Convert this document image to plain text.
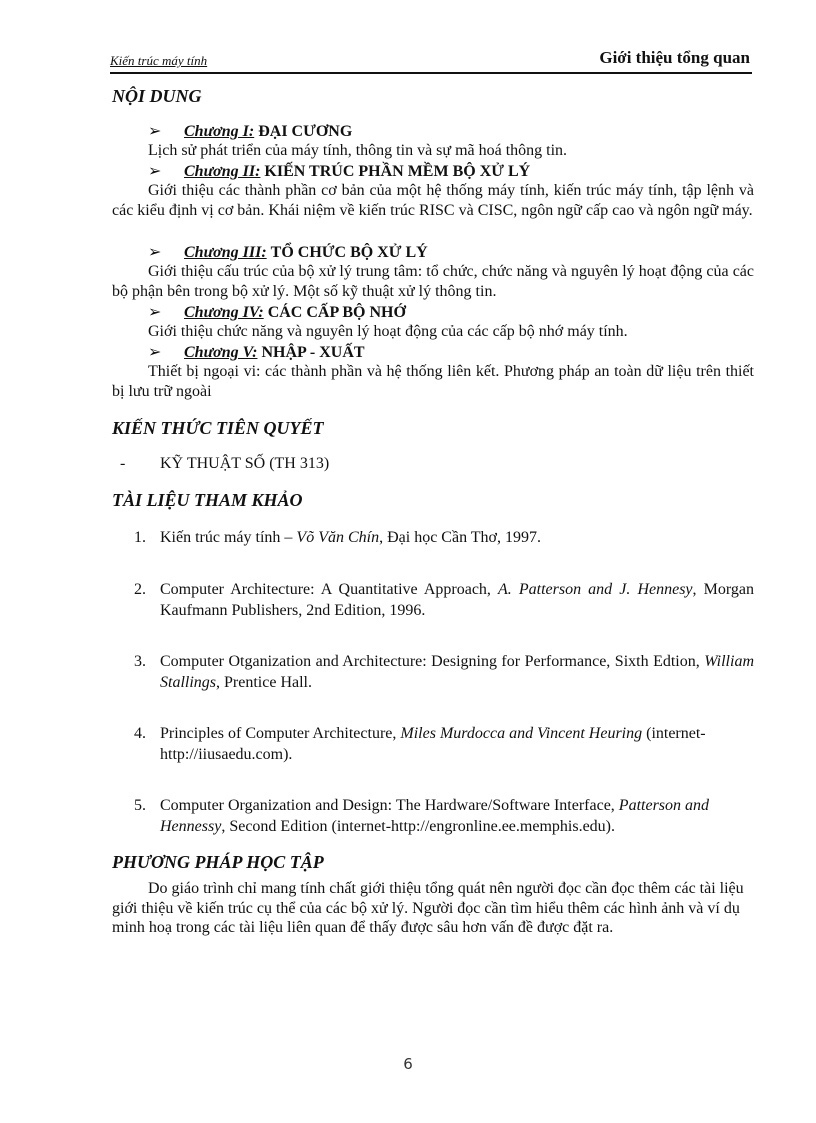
Kiến trúc máy tính	Giới thiệu tổng quan
NỘI DUNG
➢ Chương I: ĐẠI CƯƠNG
Lịch sử phát triển của máy tính, thông tin và sự mã hoá thông tin.
➢ Chương II: KIẾN TRÚC PHẦN MỀM BỘ XỬ LÝ
Giới thiệu các thành phần cơ bản của một hệ thống máy tính, kiến trúc máy tính, tập lệnh và các kiểu định vị cơ bản. Khái niệm về kiến trúc RISC và CISC, ngôn ngữ cấp cao và ngôn ngữ máy.
➢ Chương III: TỔ CHỨC BỘ XỬ LÝ
Giới thiệu cấu trúc của bộ xử lý trung tâm: tổ chức, chức năng và nguyên lý hoạt động của các bộ phận bên trong bộ xử lý. Một số kỹ thuật xử lý thông tin.
➢ Chương IV: CÁC CẤP BỘ NHỚ
Giới thiệu chức năng và nguyên lý hoạt động của các cấp bộ nhớ máy tính.
➢ Chương V: NHẬP - XUẤT
Thiết bị ngoại vi: các thành phần và hệ thống liên kết. Phương pháp an toàn dữ liệu trên thiết bị lưu trữ ngoài
KIẾN THỨC TIÊN QUYẾT
- KỸ THUẬT SỐ (TH 313)
TÀI LIỆU THAM KHẢO
1. Kiến trúc máy tính – Võ Văn Chín, Đại học Cần Thơ, 1997.
2. Computer Architecture: A Quantitative Approach, A. Patterson and J. Hennesy, Morgan Kaufmann Publishers, 2nd Edition, 1996.
3. Computer Otganization and Architecture: Designing for Performance, Sixth Edtion, William Stallings, Prentice Hall.
4. Principles of Computer Architecture, Miles Murdocca and Vincent Heuring (internet- http://iiusaedu.com).
5. Computer Organization and Design: The Hardware/Software Interface, Patterson and Hennessy, Second Edition (internet-http://engronline.ee.memphis.edu).
PHƯƠNG PHÁP HỌC TẬP
Do giáo trình chỉ mang tính chất giới thiệu tổng quát nên người đọc cần đọc thêm các tài liệu giới thiệu về kiến trúc cụ thể của các bộ xử lý. Người đọc cần tìm hiểu thêm các hình ảnh và ví dụ minh hoạ trong các tài liệu liên quan để thấy được sâu hơn vấn đề được đặt ra.
6
